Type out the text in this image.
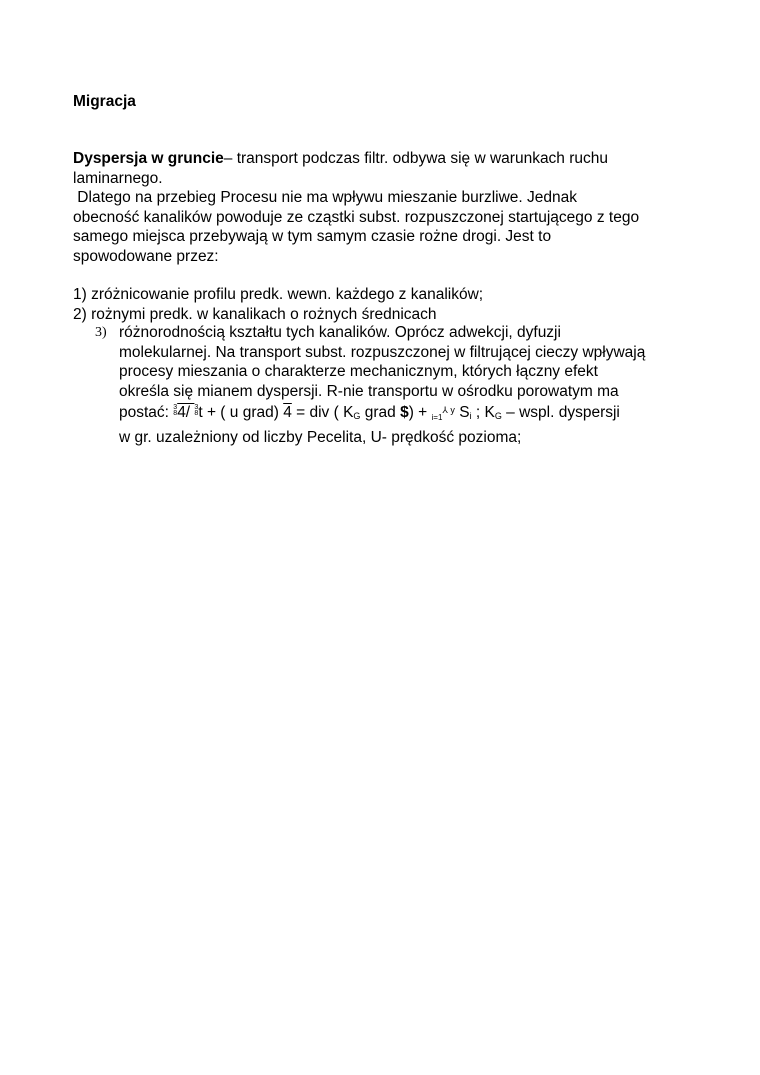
Migracja
Dyspersja w gruncie– transport podczas filtr. odbywa się w warunkach ruchu
laminarnego.
Dlatego na przebieg Procesu nie ma wpływu mieszanie burzliwe. Jednak
obecność kanalików powoduje ze cząstki subst. rozpuszczonej startującego z tego
samego miejsca przebywają w tym samym czasie rożne drogi. Jest to
spowodowane przez:
1) zróżnicowanie profilu predk. wewn. każdego z kanalików;
2) rożnymi predk. w kanalikach o rożnych średnicach
3) różnorodnością kształtu tych kanalików. Oprócz adwekcji, dyfuzji
molekularnej. Na transport subst. rozpuszczonej w filtrującej cieczy wpływają
procesy mieszania o charakterze mechanicznym, których łączny efekt
określa się mianem dyspersji. R-nie transportu w ośrodku porowatym ma
postać: 3
8 4/ 3
8 t + ( u grad) 4 = div ( $K_G$ grad $) + $i=1^{⅄ y}$ $S_i$ ; $K_G$ – wspl. dyspersji
w gr. uzależniony od liczby Pecelita, U- prędkość pozioma;
